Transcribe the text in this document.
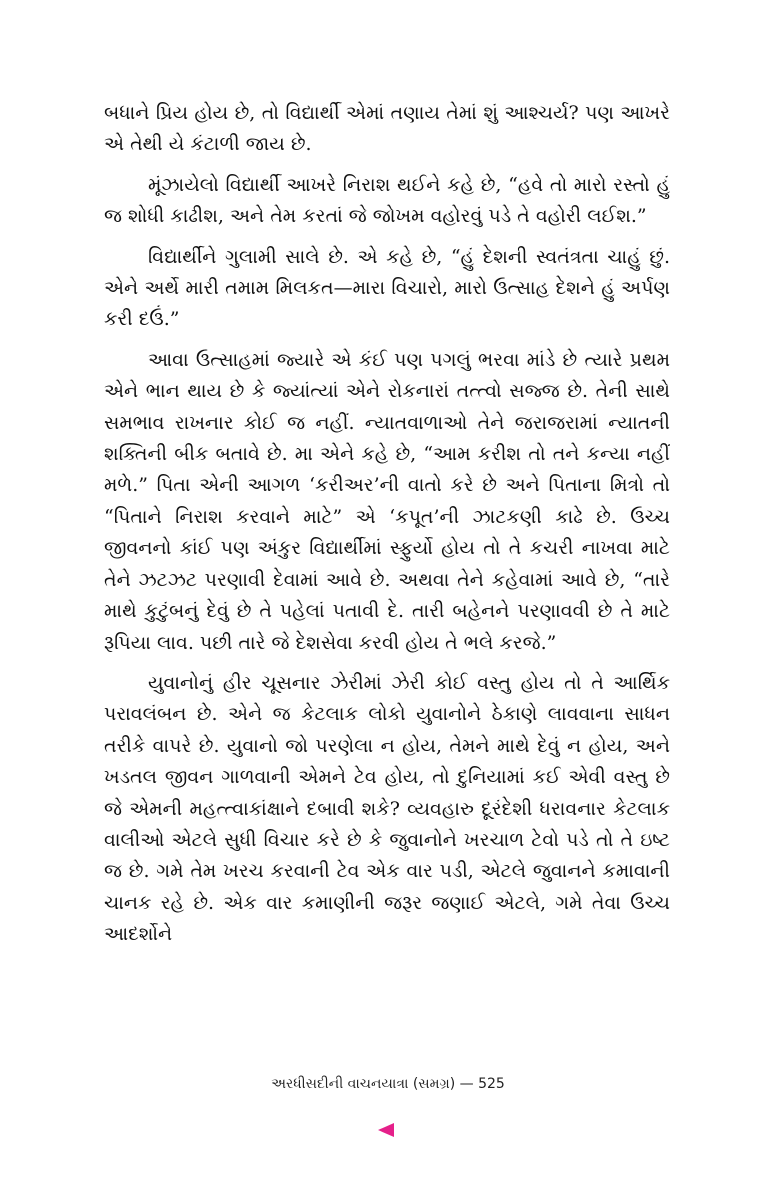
બધાને પ્રિય હોય છે, તો વિદ્યાર્થી એમાં તણાય તેમાં શું આશ્ચર્ય? પણ આખરે એ તેથી યે કંટાળી જાય છે.

મૂંઝાયેલો વિદ્યાર્થી આખરે નિરાશ થઈને કહે છે, “હવે તો મારો રસ્તો હું જ શોધી કાઢીશ, અને તેમ કરતાં જે જોખમ વહોરવું પડે તે વહોરી લઈશ.”

વિદ્યાર્થીને ગુલામી સાલે છે. એ કહે છે, “હું દેશની સ્વતંત્રતા ચાહું છું. એને અર્થે મારી તમામ મિલકત—મારા વિચારો, મારો ઉત્સાહ દેશને હું અર્પણ કરી દઉં.”

આવા ઉત્સાહમાં જ્યારે એ કંઈ પણ પગલું ભરવા માંડે છે ત્યારે પ્રથમ એને ભાન થાય છે કે જ્યાંત્યાં એને રોકનારાં તત્ત્વો સજ્જ છે. તેની સાથે સમભાવ રાખનાર કોઈ જ નહીં. ન્યાતવાળાઓ તેને જરાજરામાં ન્યાતની શક્તિની બીક બતાવે છે. મા એને કહે છે, “આમ કરીશ તો તને કન્યા નહીં મળે.” પિતા એની આગળ ‘કરીઅર’ની વાતો કરે છે અને પિતાના મિત્રો તો “પિતાને નિરાશ કરવાને માટે” એ ‘કપૂત’ની ઝાટકણી કાઢે છે. ઉચ્ચ જીવનનો કાંઈ પણ અંકુર વિદ્યાર્થીમાં સ્ફુર્યો હોય તો તે કચરી નાખવા માટે તેને ઝટઝટ પરણાવી દેવામાં આવે છે. અથવા તેને કહેવામાં આવે છે, “તારે માથે કુટુંબનું દેવું છે તે પહેલાં પતાવી દે. તારી બહેનને પરણાવવી છે તે માટે રૂપિયા લાવ. પછી તારે જે દેશસેવા કરવી હોય તે ભલે કરજે.”

યુવાનોનું હીર ચૂસનાર ઝેરીમાં ઝેરી કોઈ વસ્તુ હોય તો તે આર્થિક પરાવલંબન છે. એને જ કેટલાક લોકો યુવાનોને ઠેકાણે લાવવાના સાધન તરીકે વાપરે છે. યુવાનો જો પરણેલા ન હોય, તેમને માથે દેવું ન હોય, અને ખડતલ જીવન ગાળવાની એમને ટેવ હોય, તો દુનિયામાં કઈ એવી વસ્તુ છે જે એમની મહત્ત્વાકાંક્ષાને દબાવી શકે? વ્યવહારુ દૂરંદેશી ધરાવનાર કેટલાક વાલીઓ એટલે સુધી વિચાર કરે છે કે જુવાનોને ખરચાળ ટેવો પડે તો તે ઇષ્ટ જ છે. ગમે તેમ ખરચ કરવાની ટેવ એક વાર પડી, એટલે જુવાનને કમાવાની ચાનક રહે છે. એક વાર કમાણીની જરૂર જણાઈ એટલે, ગમે તેવા ઉચ્ચ આદર્શોને

અરધીસદીની વાચનયાત્રા (સમગ્ર) — 525
